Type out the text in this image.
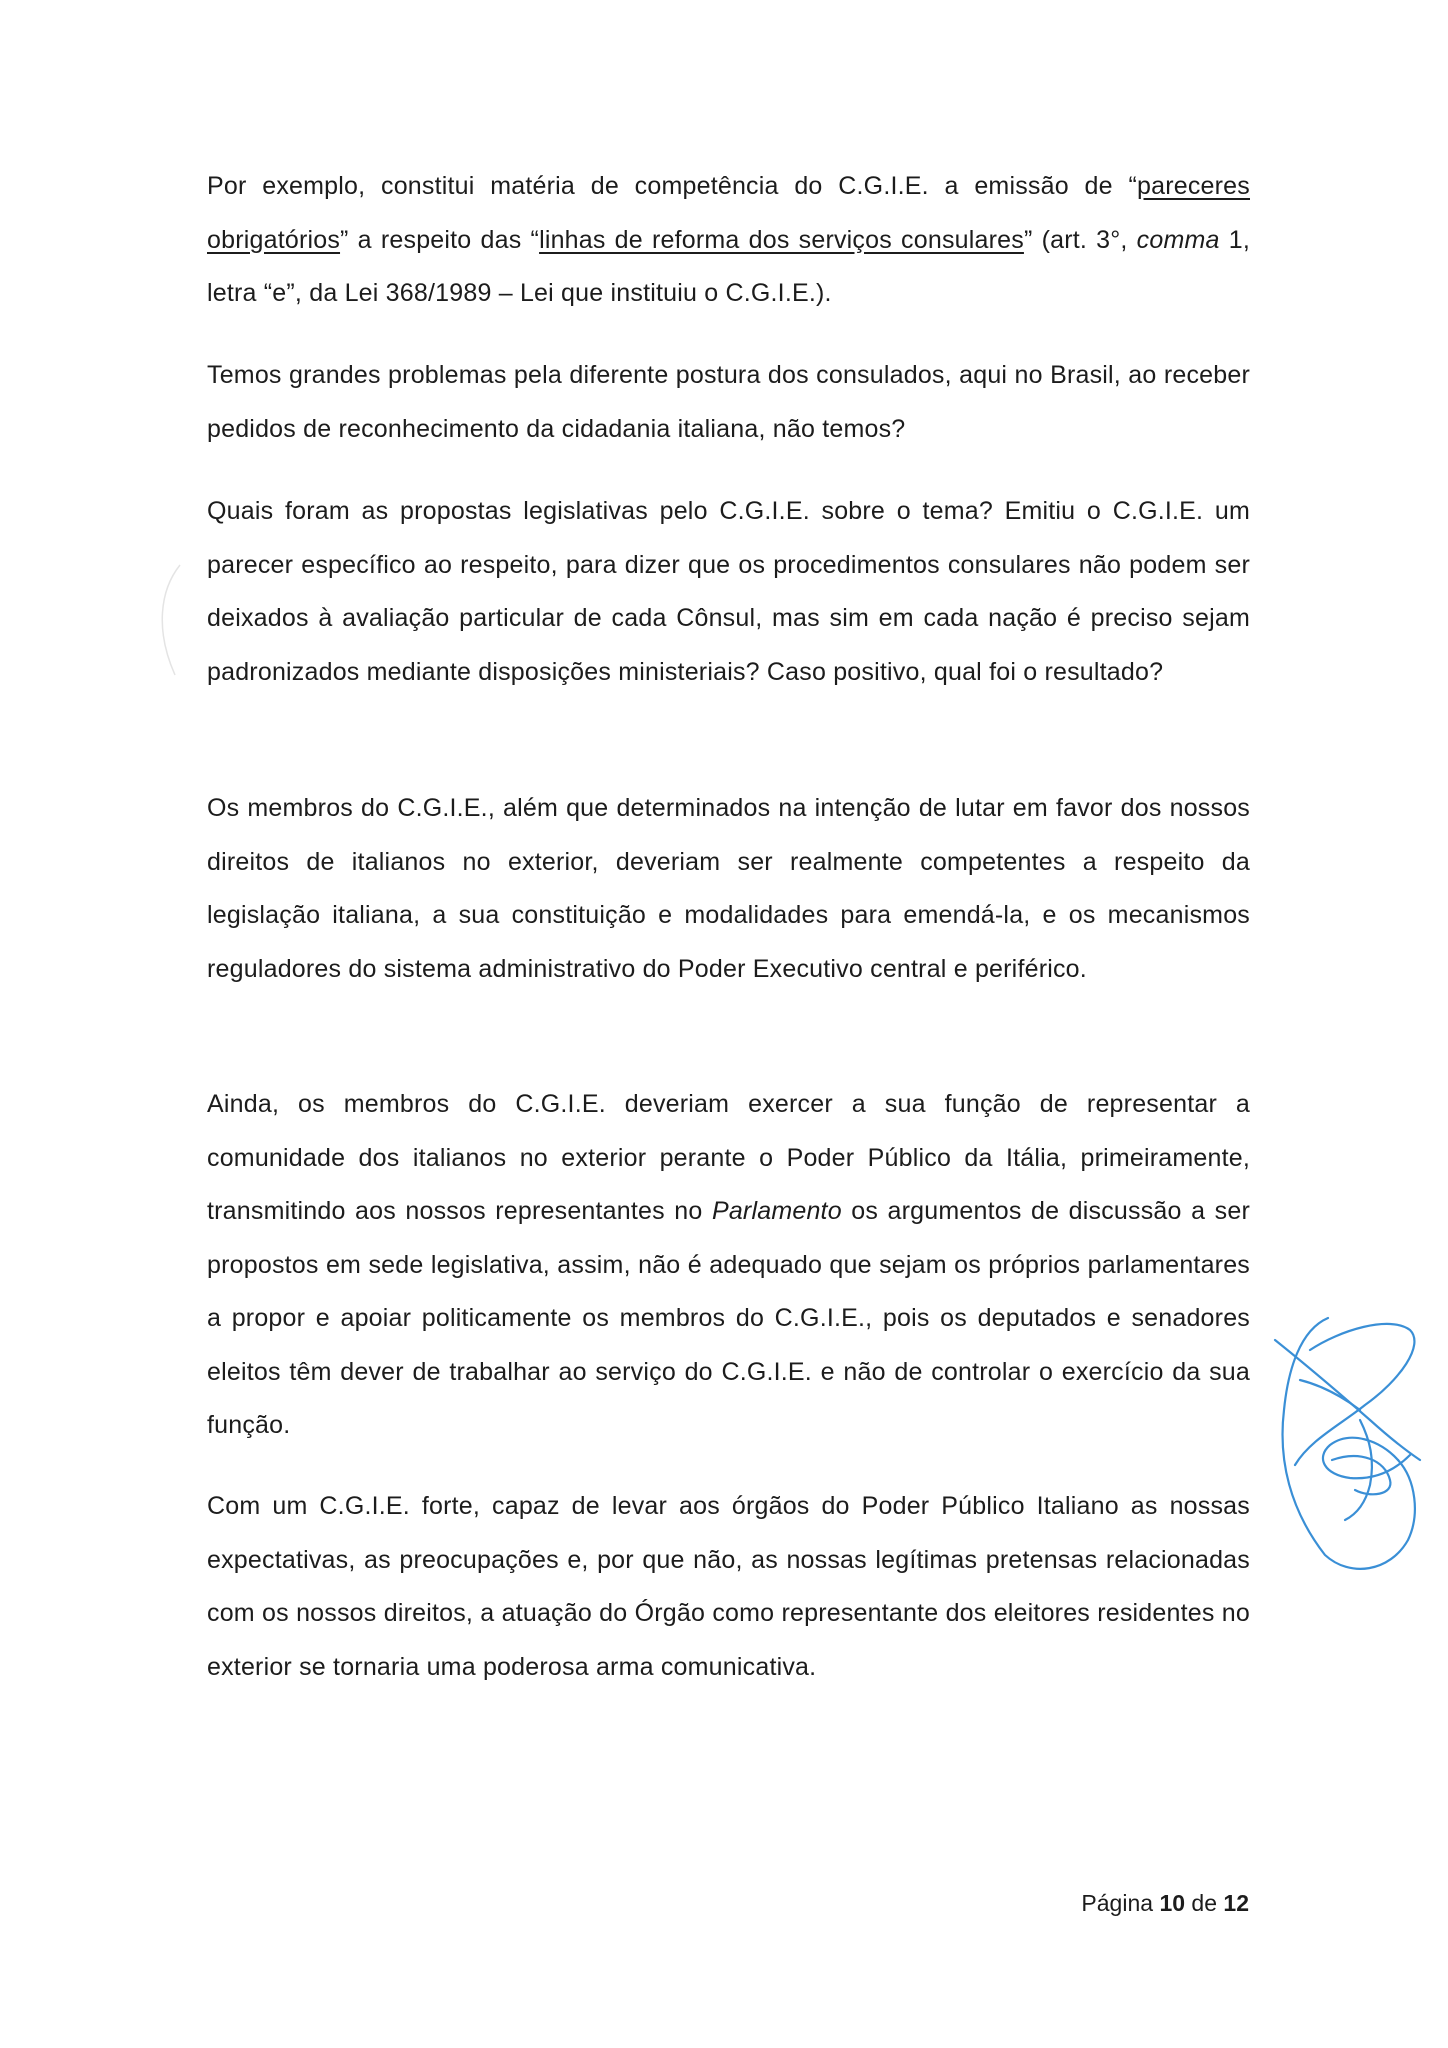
Por exemplo, constitui matéria de competência do C.G.I.E. a emissão de “pareceres obrigatórios” a respeito das “linhas de reforma dos serviços consulares” (art. 3°, comma 1, letra “e”, da Lei 368/1989 – Lei que instituiu o C.G.I.E.).

Temos grandes problemas pela diferente postura dos consulados, aqui no Brasil, ao receber pedidos de reconhecimento da cidadania italiana, não temos?

Quais foram as propostas legislativas pelo C.G.I.E. sobre o tema? Emitiu o C.G.I.E. um parecer específico ao respeito, para dizer que os procedimentos consulares não podem ser deixados à avaliação particular de cada Cônsul, mas sim em cada nação é preciso sejam padronizados mediante disposições ministeriais? Caso positivo, qual foi o resultado?

Os membros do C.G.I.E., além que determinados na intenção de lutar em favor dos nossos direitos de italianos no exterior, deveriam ser realmente competentes a respeito da legislação italiana, a sua constituição e modalidades para emendá-la, e os mecanismos reguladores do sistema administrativo do Poder Executivo central e periférico.

Ainda, os membros do C.G.I.E. deveriam exercer a sua função de representar a comunidade dos italianos no exterior perante o Poder Público da Itália, primeiramente, transmitindo aos nossos representantes no Parlamento os argumentos de discussão a ser propostos em sede legislativa, assim, não é adequado que sejam os próprios parlamentares a propor e apoiar politicamente os membros do C.G.I.E., pois os deputados e senadores eleitos têm dever de trabalhar ao serviço do C.G.I.E. e não de controlar o exercício da sua função.

Com um C.G.I.E. forte, capaz de levar aos órgãos do Poder Público Italiano as nossas expectativas, as preocupações e, por que não, as nossas legítimas pretensas relacionadas com os nossos direitos, a atuação do Órgão como representante dos eleitores residentes no exterior se tornaria uma poderosa arma comunicativa.

Página 10 de 12
